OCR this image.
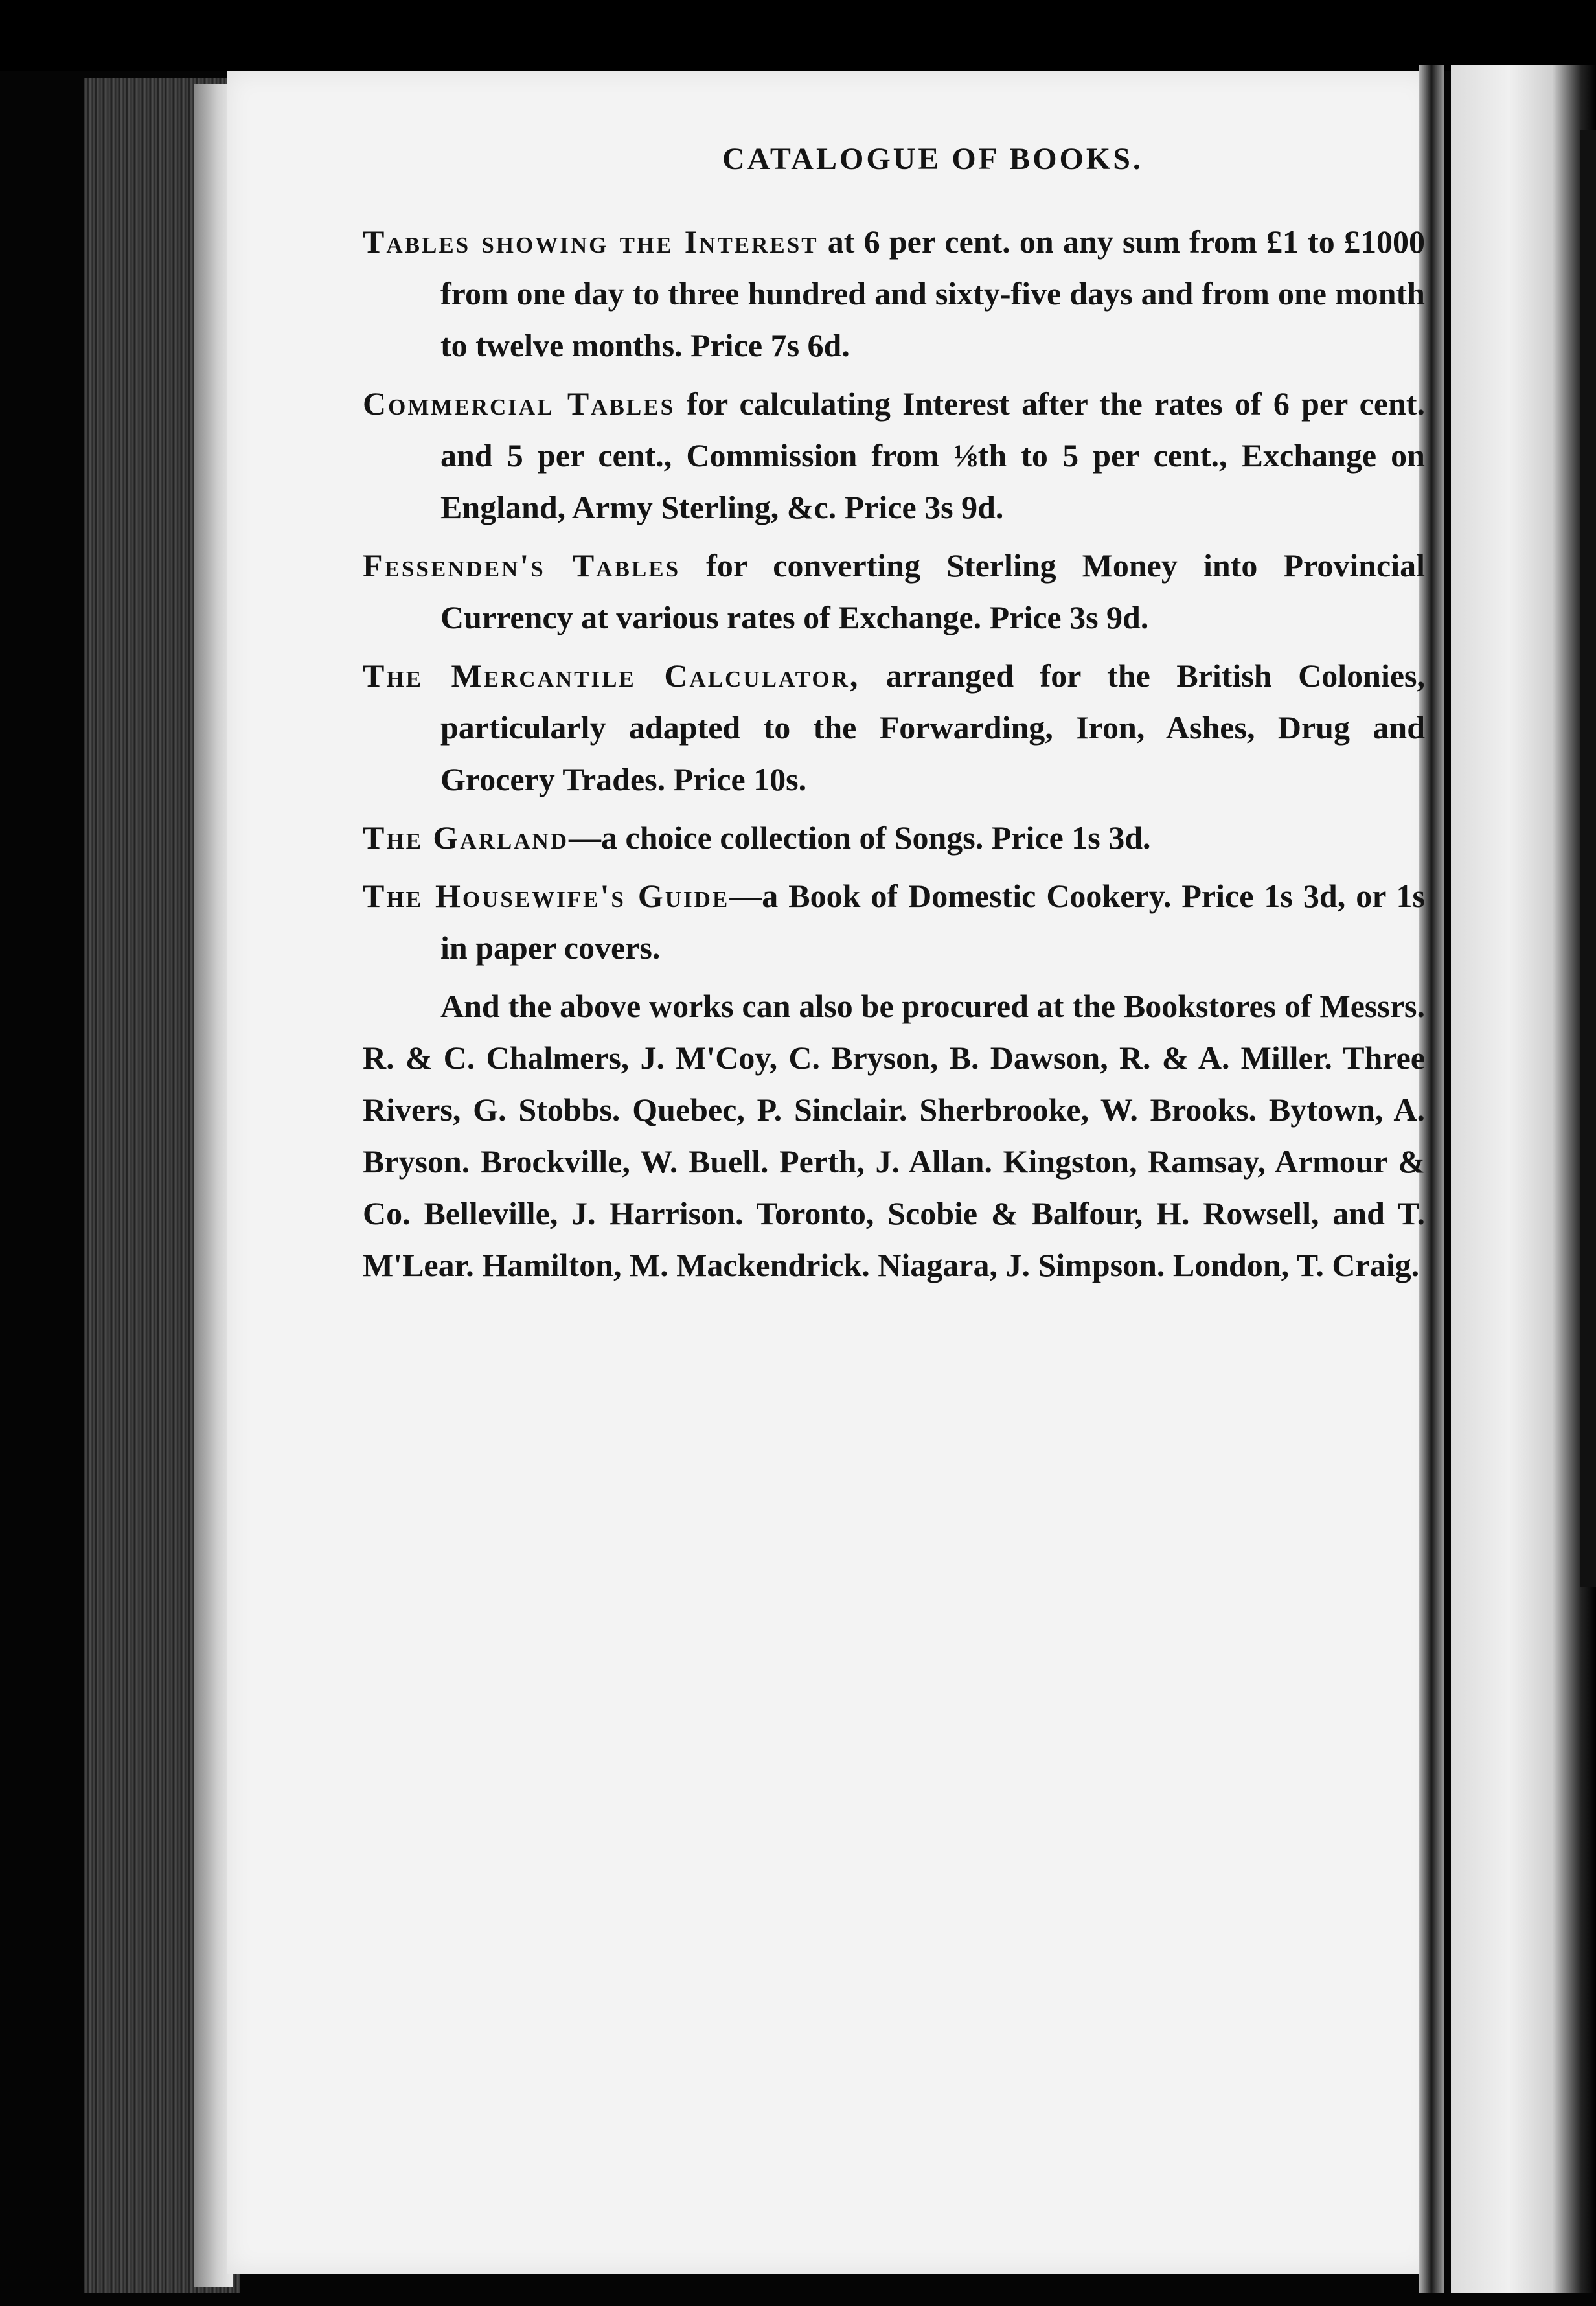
CATALOGUE OF BOOKS.

Tables showing the Interest at 6 per cent. on any sum from £1 to £1000 from one day to three hundred and sixty-five days and from one month to twelve months. Price 7s 6d.

Commercial Tables for calculating Interest after the rates of 6 per cent. and 5 per cent., Commission from ⅛th to 5 per cent., Exchange on England, Army Sterling, &c. Price 3s 9d.

Fessenden's Tables for converting Sterling Money into Provincial Currency at various rates of Exchange. Price 3s 9d.

The Mercantile Calculator, arranged for the British Colonies, particularly adapted to the Forwarding, Iron, Ashes, Drug and Grocery Trades. Price 10s.

The Garland—a choice collection of Songs. Price 1s 3d.

The Housewife's Guide—a Book of Domestic Cookery. Price 1s 3d, or 1s in paper covers.

And the above works can also be procured at the Bookstores of Messrs. R. & C. Chalmers, J. M'Coy, C. Bryson, B. Dawson, R. & A. Miller. Three Rivers, G. Stobbs. Quebec, P. Sinclair. Sherbrooke, W. Brooks. Bytown, A. Bryson. Brockville, W. Buell. Perth, J. Allan. Kingston, Ramsay, Armour & Co. Belleville, J. Harrison. Toronto, Scobie & Balfour, H. Rowsell, and T. M'Lear. Hamilton, M. Mackendrick. Niagara, J. Simpson. London, T. Craig.
